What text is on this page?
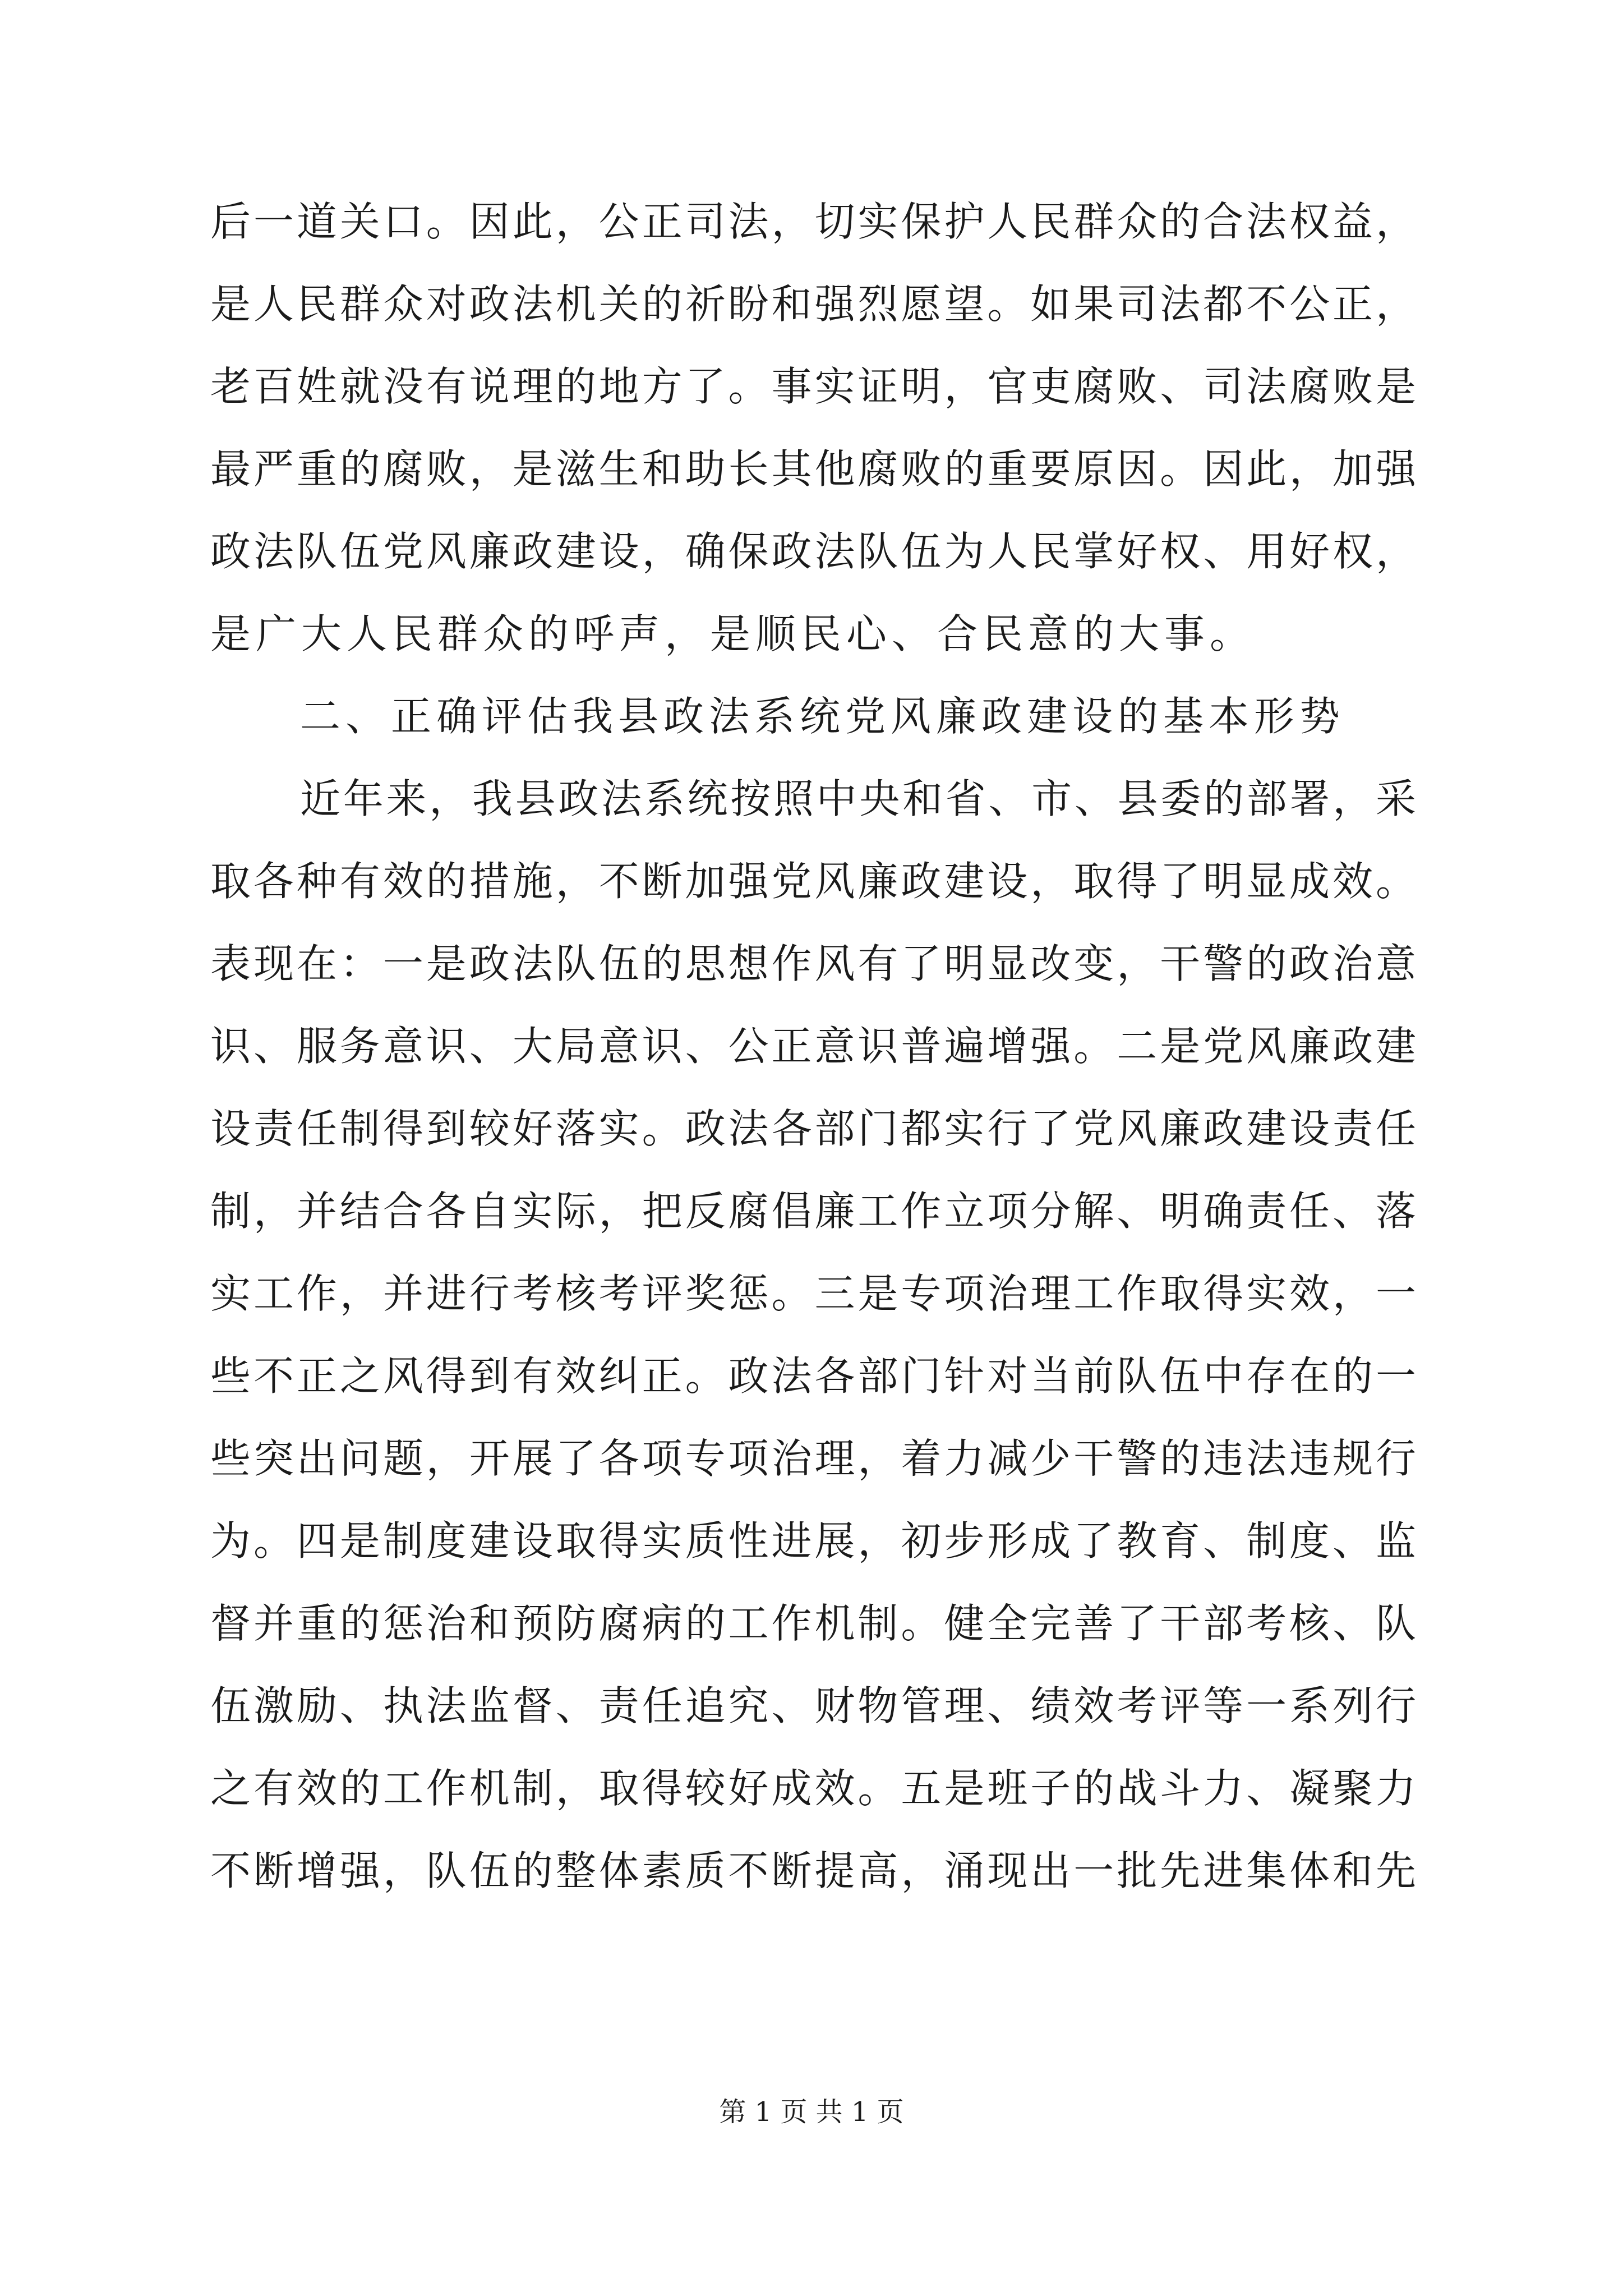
后一道关口。因此，公正司法，切实保护人民群众的合法权益，
是人民群众对政法机关的祈盼和强烈愿望。如果司法都不公正，
老百姓就没有说理的地方了。事实证明，官吏腐败、司法腐败是
最严重的腐败，是滋生和助长其他腐败的重要原因。因此，加强
政法队伍党风廉政建设，确保政法队伍为人民掌好权、用好权，
是广大人民群众的呼声，是顺民心、合民意的大事。
二、正确评估我县政法系统党风廉政建设的基本形势
近年来，我县政法系统按照中央和省、市、县委的部署，采
取各种有效的措施，不断加强党风廉政建设，取得了明显成效。
表现在：一是政法队伍的思想作风有了明显改变，干警的政治意
识、服务意识、大局意识、公正意识普遍增强。二是党风廉政建
设责任制得到较好落实。政法各部门都实行了党风廉政建设责任
制，并结合各自实际，把反腐倡廉工作立项分解、明确责任、落
实工作，并进行考核考评奖惩。三是专项治理工作取得实效，一
些不正之风得到有效纠正。政法各部门针对当前队伍中存在的一
些突出问题，开展了各项专项治理，着力减少干警的违法违规行
为。四是制度建设取得实质性进展，初步形成了教育、制度、监
督并重的惩治和预防腐病的工作机制。健全完善了干部考核、队
伍激励、执法监督、责任追究、财物管理、绩效考评等一系列行
之有效的工作机制，取得较好成效。五是班子的战斗力、凝聚力
不断增强，队伍的整体素质不断提高，涌现出一批先进集体和先
第 1 页 共 1 页
